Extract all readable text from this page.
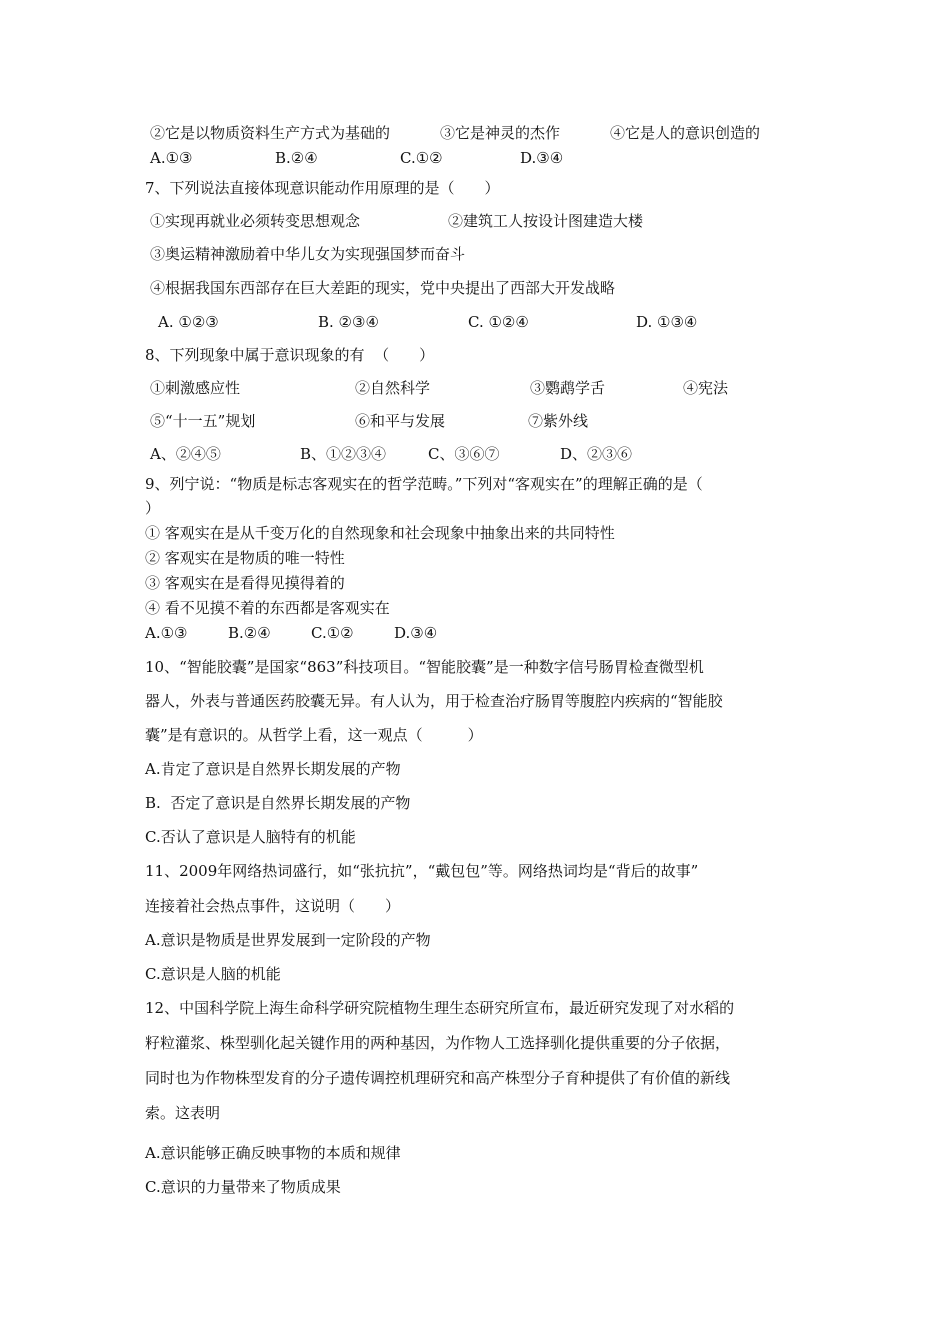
②它是以物质资料生产方式为基础的	③它是神灵的杰作	④它是人的意识创造的
A.①③	B.②④	C.①②	D.③④
7、下列说法直接体现意识能动作用原理的是（　　）
①实现再就业必须转变思想观念	②建筑工人按设计图建造大楼
③奥运精神激励着中华儿女为实现强国梦而奋斗
④根据我国东西部存在巨大差距的现实，党中央提出了西部大开发战略
A. ①②③	B. ②③④	C. ①②④	D. ①③④
8、下列现象中属于意识现象的有  （　　）
①刺激感应性	②自然科学	③鹦鹉学舌	④宪法
⑤“十一五”规划	⑥和平与发展	⑦紫外线
A、②④⑤	B、①②③④	C、③⑥⑦	D、②③⑥
9、列宁说：“物质是标志客观实在的哲学范畴。”下列对“客观实在”的理解正确的是（
）
① 客观实在是从千变万化的自然现象和社会现象中抽象出来的共同特性
② 客观实在是物质的唯一特性
③ 客观实在是看得见摸得着的
④ 看不见摸不着的东西都是客观实在
A.①③	B.②④	C.①②	D.③④
10、“智能胶囊”是国家“863”科技项目。“智能胶囊”是一种数字信号肠胃检查微型机
器人，外表与普通医药胶囊无异。有人认为，用于检查治疗肠胃等腹腔内疾病的“智能胶
囊”是有意识的。从哲学上看，这一观点（　　　）
A.肯定了意识是自然界长期发展的产物
B.  否定了意识是自然界长期发展的产物
C.否认了意识是人脑特有的机能
11、2009年网络热词盛行，如“张抗抗”，“戴包包”等。网络热词均是“背后的故事”
连接着社会热点事件，这说明（　　）
A.意识是物质是世界发展到一定阶段的产物
C.意识是人脑的机能
12、中国科学院上海生命科学研究院植物生理生态研究所宣布，最近研究发现了对水稻的
籽粒灌浆、株型驯化起关键作用的两种基因，为作物人工选择驯化提供重要的分子依据，
同时也为作物株型发育的分子遗传调控机理研究和高产株型分子育种提供了有价值的新线
索。这表明
A.意识能够正确反映事物的本质和规律
C.意识的力量带来了物质成果
